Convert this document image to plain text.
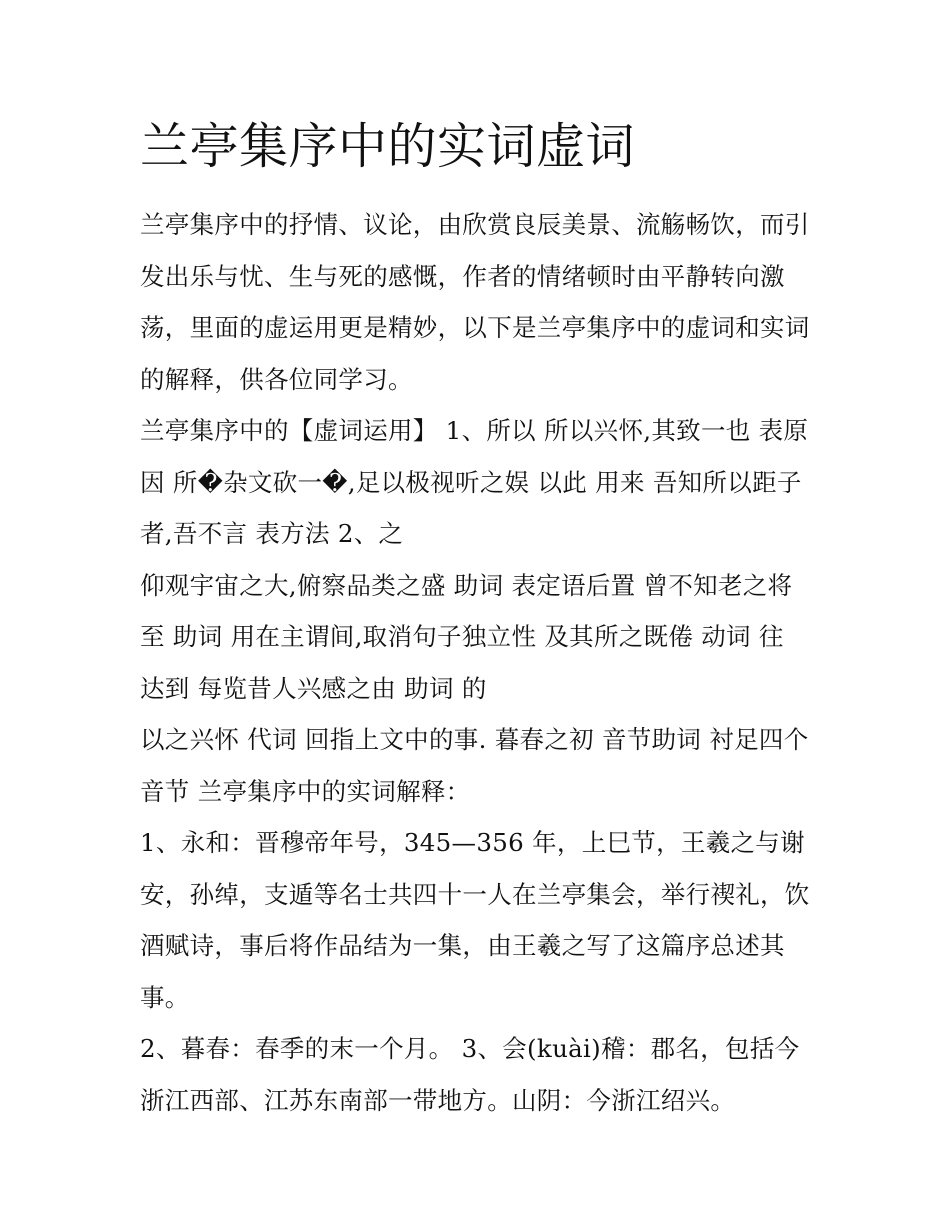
兰亭集序中的实词虚词

兰亭集序中的抒情、议论，由欣赏良辰美景、流觞畅饮，而引发出乐与忧、生与死的感慨，作者的情绪顿时由平静转向激荡，里面的虚运用更是精妙，以下是兰亭集序中的虚词和实词的解释，供各位同学习。

兰亭集序中的【虚词运用】 1、所以 所以兴怀,其致一也 表原因 所�杂文砍一�,足以极视听之娱 以此 用来 吾知所以距子者,吾不言 表方法 2、之

仰观宇宙之大,俯察品类之盛 助词 表定语后置 曾不知老之将至 助词 用在主谓间,取消句子独立性 及其所之既倦 动词 往 达到 每览昔人兴感之由 助词 的

以之兴怀 代词 回指上文中的事. 暮春之初 音节助词 衬足四个音节 兰亭集序中的实词解释：

1、永和：晋穆帝年号，345—356 年，上巳节，王羲之与谢安，孙绰，支遁等名士共四十一人在兰亭集会，举行禊礼，饮酒赋诗，事后将作品结为一集，由王羲之写了这篇序总述其事。

2、暮春：春季的末一个月。 3、会(kuài)稽：郡名，包括今浙江西部、江苏东南部一带地方。山阴：今浙江绍兴。
